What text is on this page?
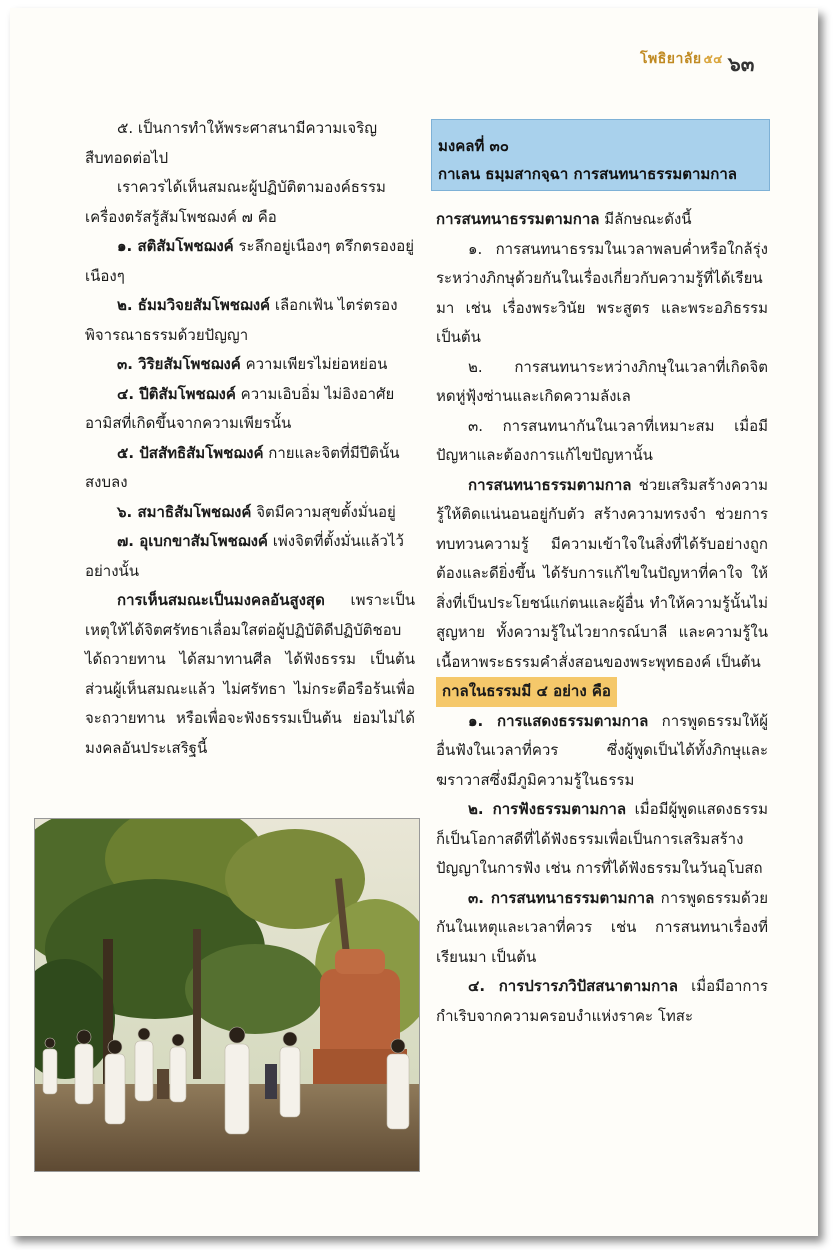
โพธิยาลัย ๕๔ ๖๓

๕. เป็นการทำให้พระศาสนามีความเจริญสืบทอดต่อไป

เราควรได้เห็นสมณะผู้ปฏิบัติตามองค์ธรรมเครื่องตรัสรู้สัมโพชฌงค์ ๗ คือ

๑. สติสัมโพชฌงค์ ระลึกอยู่เนืองๆ ตรึกตรองอยู่เนืองๆ

๒. ธัมมวิจยสัมโพชฌงค์ เลือกเฟ้น ไตร่ตรอง พิจารณาธรรมด้วยปัญญา

๓. วิริยสัมโพชฌงค์ ความเพียรไม่ย่อหย่อน

๔. ปีติสัมโพชฌงค์ ความเอิบอิ่ม ไม่อิงอาศัยอามิสที่เกิดขึ้นจากความเพียรนั้น

๕. ปัสสัทธิสัมโพชฌงค์ กายและจิตที่มีปีตินั้นสงบลง

๖. สมาธิสัมโพชฌงค์ จิตมีความสุขตั้งมั่นอยู่

๗. อุเบกขาสัมโพชฌงค์ เพ่งจิตที่ตั้งมั่นแล้วไว้อย่างนั้น

การเห็นสมณะเป็นมงคลอันสูงสุด เพราะเป็นเหตุให้ได้จิตศรัทธาเลื่อมใสต่อผู้ปฏิบัติดีปฏิบัติชอบ ได้ถวายทาน ได้สมาทานศีล ได้ฟังธรรม เป็นต้น ส่วนผู้เห็นสมณะแล้ว ไม่ศรัทธา ไม่กระตือรือร้นเพื่อจะถวายทาน หรือเพื่อจะฟังธรรมเป็นต้น ย่อมไม่ได้มงคลอันประเสริฐนี้

มงคลที่ ๓๐
กาเลน ธมฺมสากจฺฉา การสนทนาธรรมตามกาล

การสนทนาธรรมตามกาล มีลักษณะดังนี้

๑. การสนทนาธรรมในเวลาพลบค่ำหรือใกล้รุ่งระหว่างภิกษุด้วยกันในเรื่องเกี่ยวกับความรู้ที่ได้เรียนมา เช่น เรื่องพระวินัย พระสูตร และพระอภิธรรม เป็นต้น

๒. การสนทนาระหว่างภิกษุในเวลาที่เกิดจิตหดหู่ฟุ้งซ่านและเกิดความลังเล

๓. การสนทนากันในเวลาที่เหมาะสม เมื่อมีปัญหาและต้องการแก้ไขปัญหานั้น

การสนทนาธรรมตามกาล ช่วยเสริมสร้างความรู้ให้ติดแน่นอนอยู่กับตัว สร้างความทรงจำ ช่วยการทบทวนความรู้ มีความเข้าใจในสิ่งที่ได้รับอย่างถูกต้องและดียิ่งขึ้น ได้รับการแก้ไขในปัญหาที่คาใจ ให้สิ่งที่เป็นประโยชน์แก่ตนและผู้อื่น ทำให้ความรู้นั้นไม่สูญหาย ทั้งความรู้ในไวยากรณ์บาลี และความรู้ในเนื้อหาพระธรรมคำสั่งสอนของพระพุทธองค์ เป็นต้น

กาลในธรรมมี ๔ อย่าง คือ

๑. การแสดงธรรมตามกาล การพูดธรรมให้ผู้อื่นฟังในเวลาที่ควร ซึ่งผู้พูดเป็นได้ทั้งภิกษุและฆราวาสซึ่งมีภูมิความรู้ในธรรม

๒. การฟังธรรมตามกาล เมื่อมีผู้พูดแสดงธรรม ก็เป็นโอกาสดีที่ได้ฟังธรรมเพื่อเป็นการเสริมสร้างปัญญาในการฟัง เช่น การที่ได้ฟังธรรมในวันอุโบสถ

๓. การสนทนาธรรมตามกาล การพูดธรรมด้วยกันในเหตุและเวลาที่ควร เช่น การสนทนาเรื่องที่เรียนมา เป็นต้น

๔. การปรารภวิปัสสนาตามกาล เมื่อมีอาการกำเริบจากความครอบงำแห่งราคะ โทสะ
